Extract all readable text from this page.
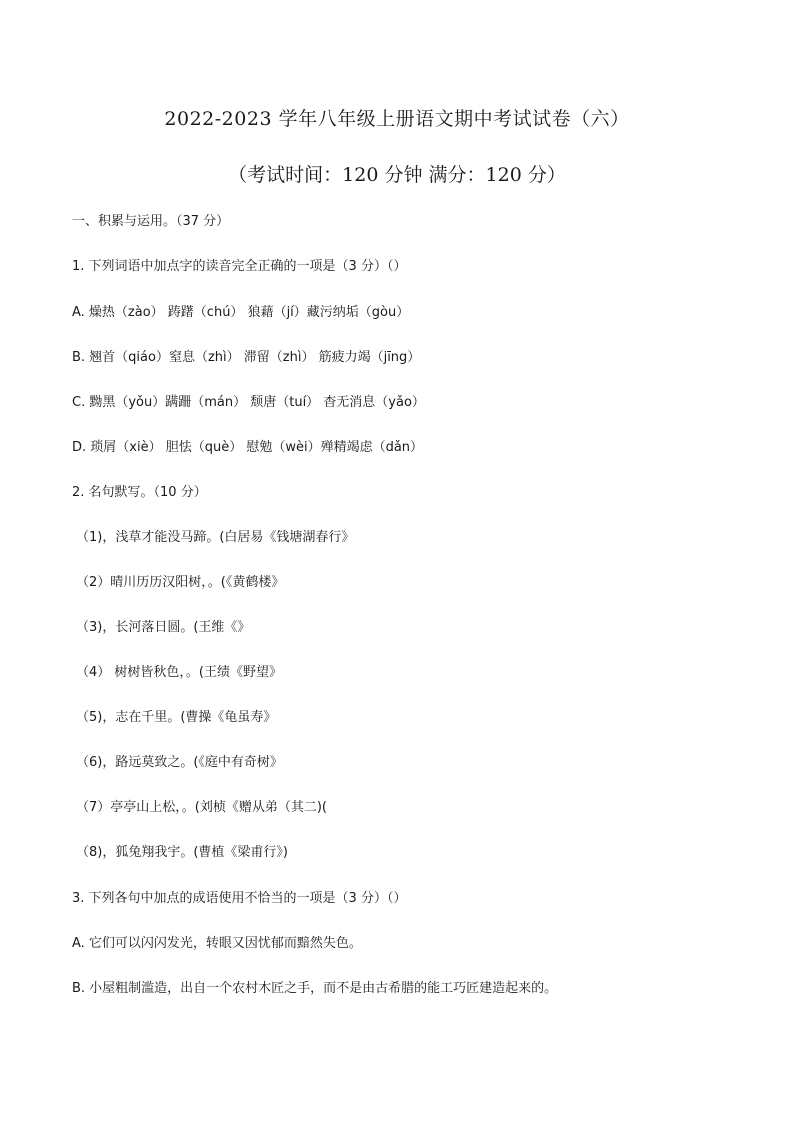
2022-2023 学年八年级上册语文期中考试试卷（六）
（考试时间：120 分钟 满分：120 分）
一、积累与运用。（37 分）
1. 下列词语中加点字的读音完全正确的一项是（3 分）（）
A. 燥热（zào） 踌躇（chú） 狼藉（jí）藏污纳垢（gòu）
B. 翘首（qiáo）窒息（zhì） 滞留（zhì） 筋疲力竭（jīng）
C. 黝黑（yǒu）蹒跚（mán） 颓唐（tuí） 杳无消息（yǎo）
D. 琐屑（xiè） 胆怯（què） 慰勉（wèi）殚精竭虑（dǎn）
2. 名句默写。（10 分）
（1)，浅草才能没马蹄。(白居易《钱塘湖春行》
（2）晴川历历汉阳树，。(《黄鹤楼》
（3)，长河落日圆。(王维《》
（4） 树树皆秋色，。(王绩《野望》
（5)，志在千里。(曹操《龟虽寿》
（6)，路远莫致之。(《庭中有奇树》
（7）亭亭山上松，。(刘桢《赠从弟（其二)(
（8)，狐兔翔我宇。(曹植《梁甫行》)
3. 下列各句中加点的成语使用不恰当的一项是（3 分）（）
A. 它们可以闪闪发光，转眼又因忧郁而黯然失色。
B. 小屋粗制滥造，出自一个农村木匠之手，而不是由古希腊的能工巧匠建造起来的。
